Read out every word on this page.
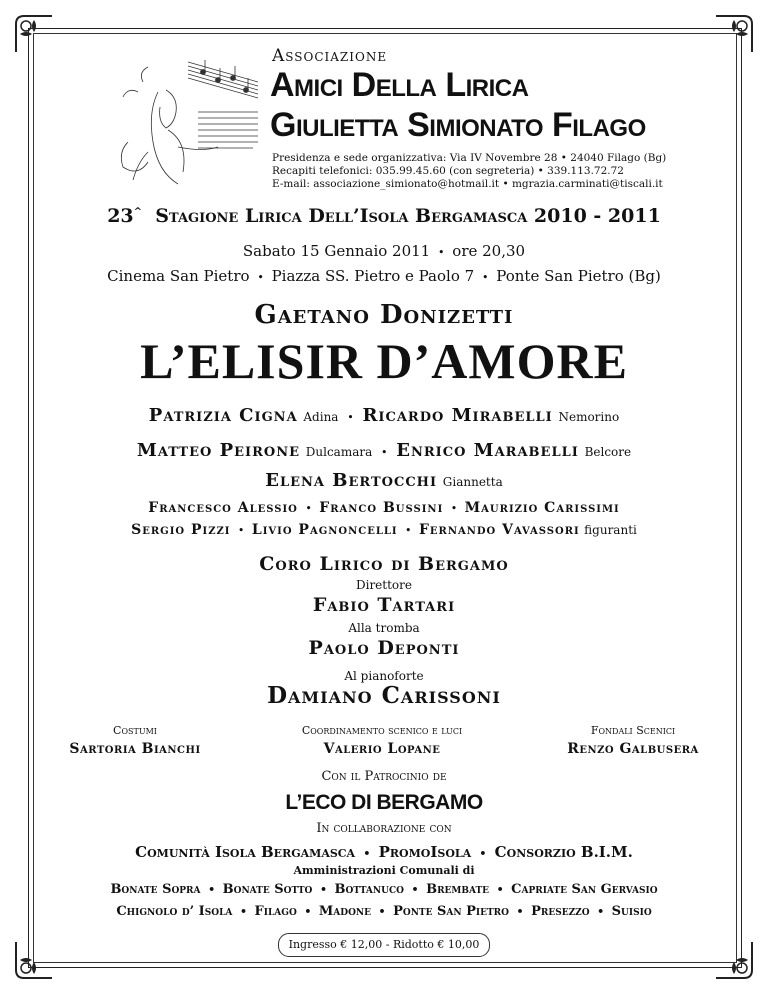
Associazione
Amici Della Lirica
Giulietta Simionato Filago
Presidenza e sede organizzativa: Via IV Novembre 28 • 24040 Filago (Bg)
Recapiti telefonici: 035.99.45.60 (con segreteria) • 339.113.72.72
E-mail: associazione_simionato@hotmail.it • mgrazia.carminati@tiscali.it
23^ Stagione Lirica Dell’Isola Bergamasca 2010 - 2011
Sabato 15 Gennaio 2011 • ore 20,30
Cinema San Pietro • Piazza SS. Pietro e Paolo 7 • Ponte San Pietro (Bg)
Gaetano Donizetti
L’ELISIR D’AMORE
Patrizia Cigna Adina • Ricardo Mirabelli Nemorino
Matteo Peirone Dulcamara • Enrico Marabelli Belcore
Elena Bertocchi Giannetta
Francesco Alessio • Franco Bussini • Maurizio Carissimi
Sergio Pizzi • Livio Pagnoncelli • Fernando Vavassori figuranti
Coro Lirico di Bergamo
Direttore
Fabio Tartari
Alla tromba
Paolo Deponti
Al pianoforte
Damiano Carissoni
Costumi
Sartoria Bianchi
Coordinamento scenico e luci
Valerio Lopane
Fondali Scenici
Renzo Galbusera
Con il Patrocinio de
L’ECO DI BERGAMO
In collaborazione con
Comunità Isola Bergamasca • PromoIsola • Consorzio B.I.M.
Amministrazioni Comunali di
Bonate Sopra • Bonate Sotto • Bottanuco • Brembate • Capriate San Gervasio
Chignolo d’ Isola • Filago • Madone • Ponte San Pietro • Presezzo • Suisio
Ingresso € 12,00 - Ridotto € 10,00
